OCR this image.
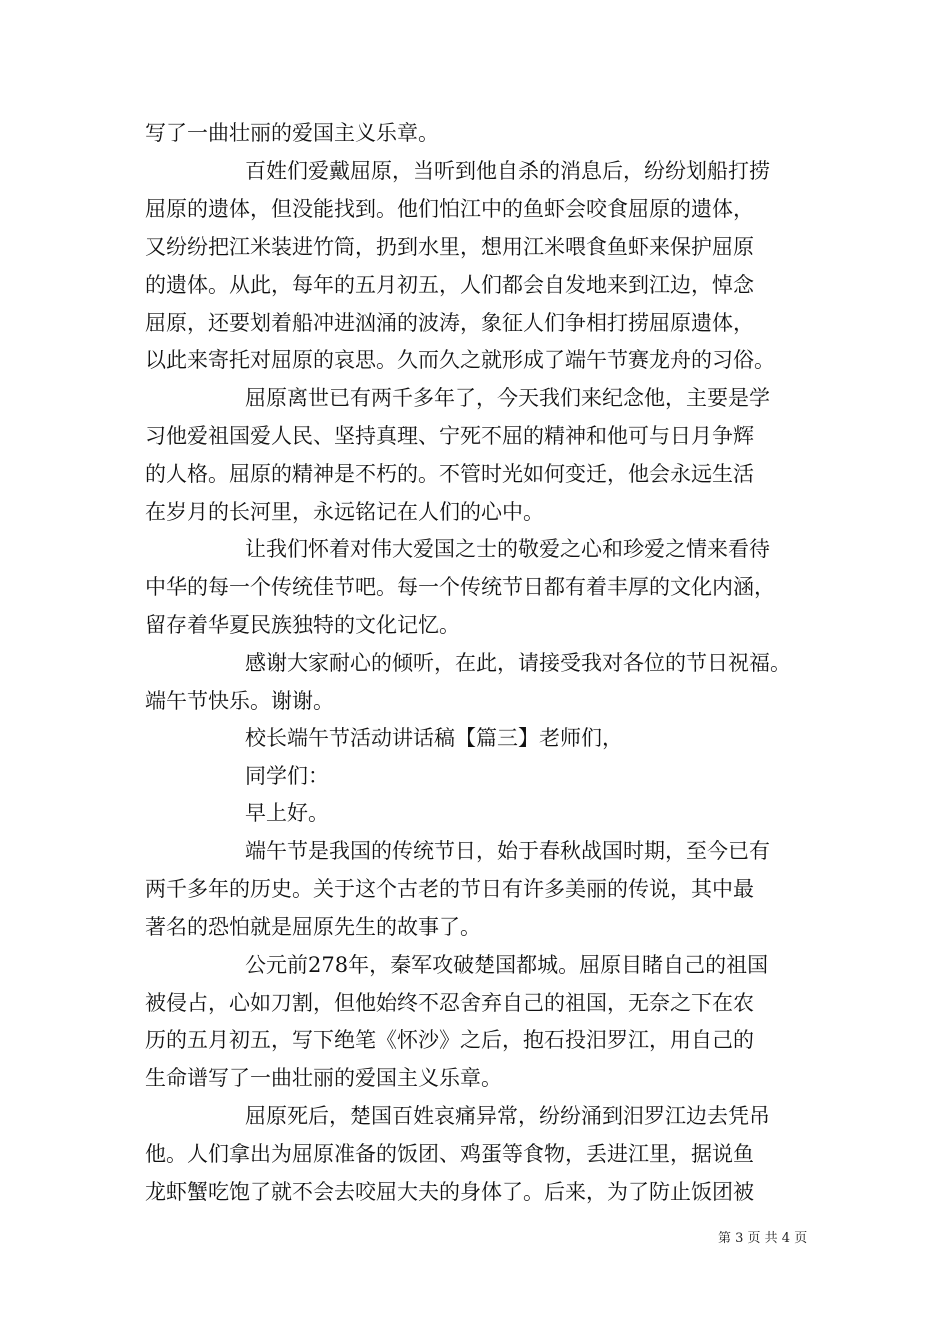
写了一曲壮丽的爱国主义乐章。
百姓们爱戴屈原，当听到他自杀的消息后，纷纷划船打捞
屈原的遗体，但没能找到。他们怕江中的鱼虾会咬食屈原的遗体，
又纷纷把江米装进竹筒，扔到水里，想用江米喂食鱼虾来保护屈原
的遗体。从此，每年的五月初五，人们都会自发地来到江边，悼念
屈原，还要划着船冲进汹涌的波涛，象征人们争相打捞屈原遗体，
以此来寄托对屈原的哀思。久而久之就形成了端午节赛龙舟的习俗。
屈原离世已有两千多年了，今天我们来纪念他，主要是学
习他爱祖国爱人民、坚持真理、宁死不屈的精神和他可与日月争辉
的人格。屈原的精神是不朽的。不管时光如何变迁，他会永远生活
在岁月的长河里，永远铭记在人们的心中。
让我们怀着对伟大爱国之士的敬爱之心和珍爱之情来看待
中华的每一个传统佳节吧。每一个传统节日都有着丰厚的文化内涵，
留存着华夏民族独特的文化记忆。
感谢大家耐心的倾听，在此，请接受我对各位的节日祝福。
端午节快乐。谢谢。
校长端午节活动讲话稿【篇三】老师们，
同学们：
早上好。
端午节是我国的传统节日，始于春秋战国时期，至今已有
两千多年的历史。关于这个古老的节日有许多美丽的传说，其中最
著名的恐怕就是屈原先生的故事了。
公元前278年，秦军攻破楚国都城。屈原目睹自己的祖国
被侵占，心如刀割，但他始终不忍舍弃自己的祖国，无奈之下在农
历的五月初五，写下绝笔《怀沙》之后，抱石投汨罗江，用自己的
生命谱写了一曲壮丽的爱国主义乐章。
屈原死后，楚国百姓哀痛异常，纷纷涌到汨罗江边去凭吊
他。人们拿出为屈原准备的饭团、鸡蛋等食物，丢进江里，据说鱼
龙虾蟹吃饱了就不会去咬屈大夫的身体了。后来，为了防止饭团被
第 3 页 共 4 页
